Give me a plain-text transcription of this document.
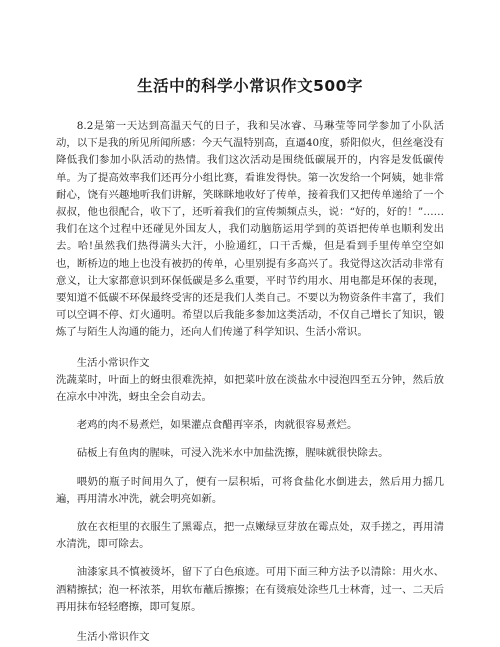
生活中的科学小常识作文500字

8.2是第一天达到高温天气的日子，我和吴冰睿、马琳莹等同学参加了小队活动，以下是我的所见所闻所感：今天气温特别高，直逼40度，骄阳似火，但丝毫没有降低我们参加小队活动的热情。我们这次活动是围绕低碳展开的，内容是发低碳传单。为了提高效率我们还再分小组比赛，看谁发得快。第一次发给一个阿姨，她非常耐心，饶有兴趣地听我们讲解，笑眯眯地收好了传单，接着我们又把传单递给了一个叔叔，他也很配合，收下了，还听着我们的宣传频频点头，说：“好的，好的！”……我们在这个过程中还碰见外国友人，我们动脑筋运用学到的英语把传单也顺利发出去。哈!虽然我们热得满头大汗，小脸通红，口干舌燥，但是看到手里传单空空如也，断桥边的地上也没有被扔的传单，心里别提有多高兴了。我觉得这次活动非常有意义，让大家都意识到环保低碳是多么重要，平时节约用水、用电都是环保的表现，要知道不低碳不环保最终受害的还是我们人类自己。不要以为物资条件丰富了，我们可以空调不停、灯火通明。希望以后我能多参加这类活动，不仅自己增长了知识，锻炼了与陌生人沟通的能力，还向人们传递了科学知识、生活小常识。

生活小常识作文

洗蔬菜时，叶面上的蚜虫很难洗掉，如把菜叶放在淡盐水中浸泡四至五分钟，然后放在凉水中冲洗，蚜虫全会自动去。

老鸡的肉不易煮烂，如果灌点食醋再宰杀，肉就很容易煮烂。

砧板上有鱼肉的腥味，可浸入洗米水中加盐洗擦，腥味就很快除去。

喂奶的瓶子时间用久了，便有一层积垢，可将食盐化水倒进去，然后用力摇几遍，再用清水冲洗，就会明亮如新。

放在衣柜里的衣服生了黑霉点，把一点嫩绿豆芽放在霉点处，双手搓之，再用清水清洗，即可除去。

油漆家具不慎被烫坏，留下了白色痕迹。可用下面三种方法予以清除：用火水、酒精擦拭；泡一杯浓茶，用软布蘸后擦擦；在有烫痕处涂些几士林膏，过一、二天后再用抹布轻轻磨擦，即可复原。

生活小常识作文
